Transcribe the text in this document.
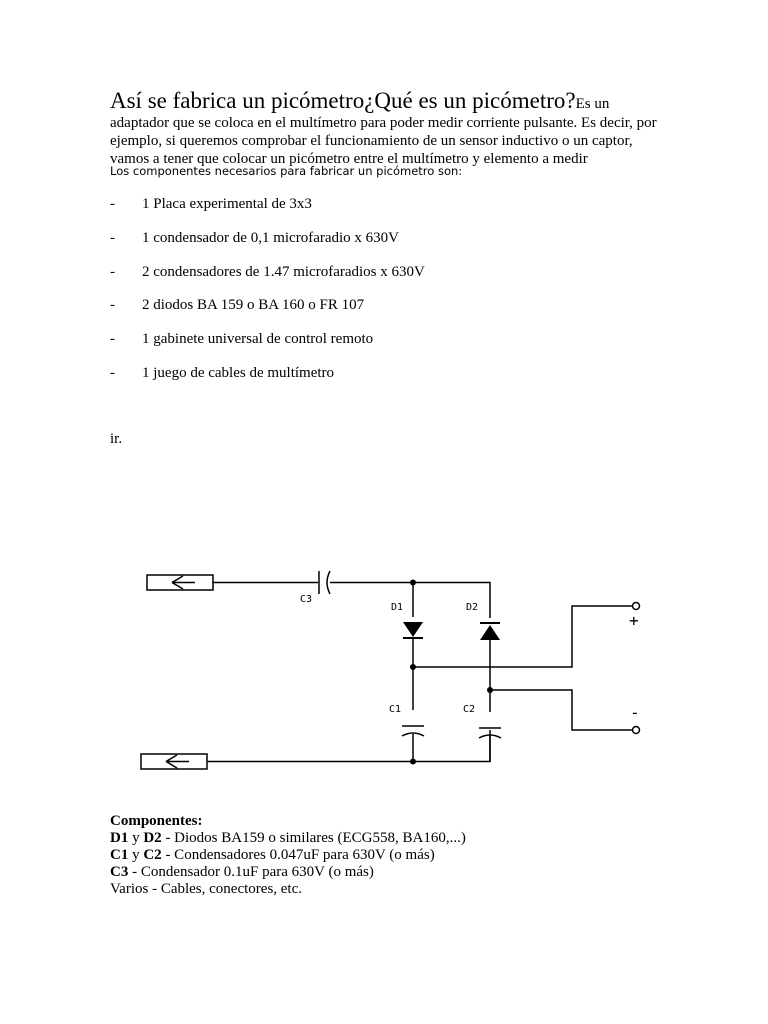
Así se fabrica un picómetro¿Qué es un picómetro?Es un adaptador que se coloca en el multímetro para poder medir corriente pulsante. Es decir, por ejemplo, si queremos comprobar el funcionamiento de un sensor inductivo o un captor, vamos a tener que colocar un picómetro entre el multímetro y elemento a medir
Los componentes necesarios para fabricar un picómetro son:
- 1 Placa experimental de 3x3
- 1 condensador de 0,1 microfaradio x 630V
- 2 condensadores de 1.47 microfaradios x 630V
- 2 diodos BA 159 o BA 160 o FR 107
- 1 gabinete universal de control remoto
- 1 juego de cables de multímetro
ir.
C3
D1	D2
C1	C2
+
-
Componentes:
D1 y D2 - Diodos BA159 o similares (ECG558, BA160,...)
C1 y C2 - Condensadores 0.047uF para 630V (o más)
C3 - Condensador 0.1uF para 630V (o más)
Varios - Cables, conectores, etc.
